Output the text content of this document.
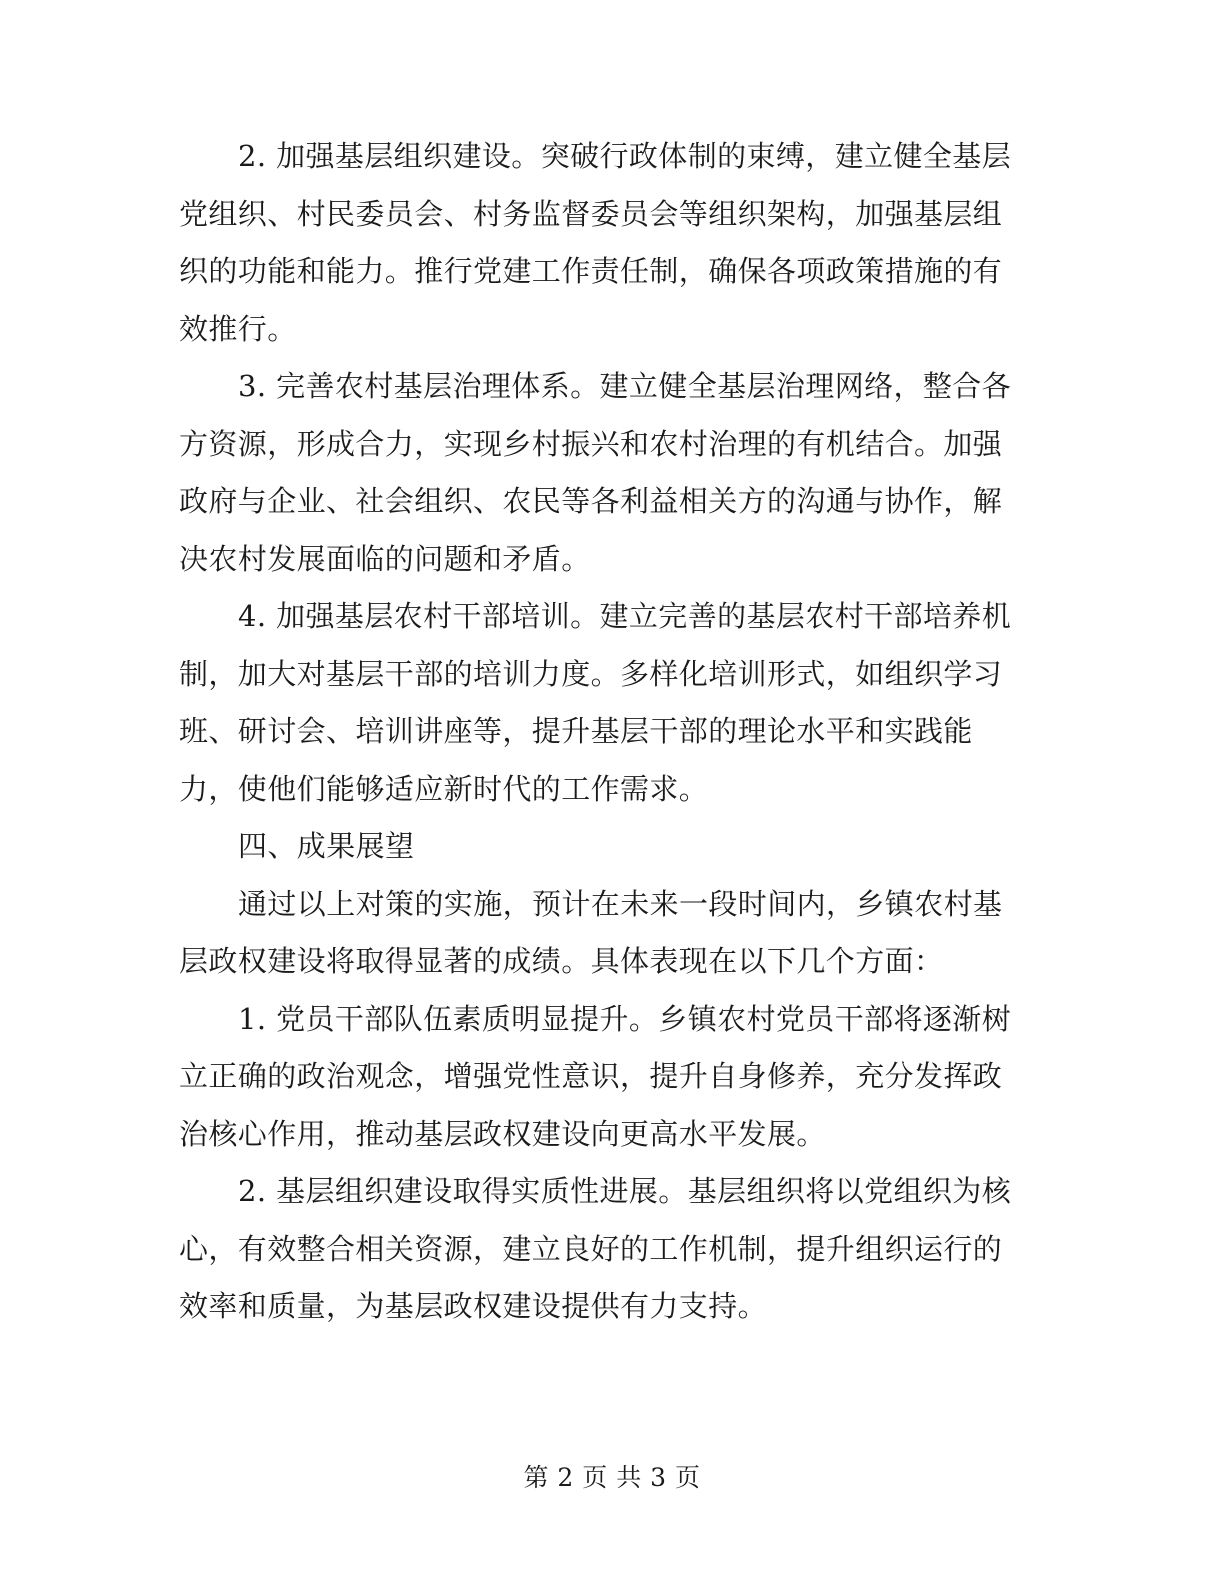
2. 加强基层组织建设。突破行政体制的束缚，建立健全基层
党组织、村民委员会、村务监督委员会等组织架构，加强基层组
织的功能和能力。推行党建工作责任制，确保各项政策措施的有
效推行。

3. 完善农村基层治理体系。建立健全基层治理网络，整合各
方资源，形成合力，实现乡村振兴和农村治理的有机结合。加强
政府与企业、社会组织、农民等各利益相关方的沟通与协作，解
决农村发展面临的问题和矛盾。

4. 加强基层农村干部培训。建立完善的基层农村干部培养机
制，加大对基层干部的培训力度。多样化培训形式，如组织学习
班、研讨会、培训讲座等，提升基层干部的理论水平和实践能
力，使他们能够适应新时代的工作需求。

四、成果展望

通过以上对策的实施，预计在未来一段时间内，乡镇农村基
层政权建设将取得显著的成绩。具体表现在以下几个方面：

1. 党员干部队伍素质明显提升。乡镇农村党员干部将逐渐树
立正确的政治观念，增强党性意识，提升自身修养，充分发挥政
治核心作用，推动基层政权建设向更高水平发展。

2. 基层组织建设取得实质性进展。基层组织将以党组织为核
心，有效整合相关资源，建立良好的工作机制，提升组织运行的
效率和质量，为基层政权建设提供有力支持。

第 2 页 共 3 页
